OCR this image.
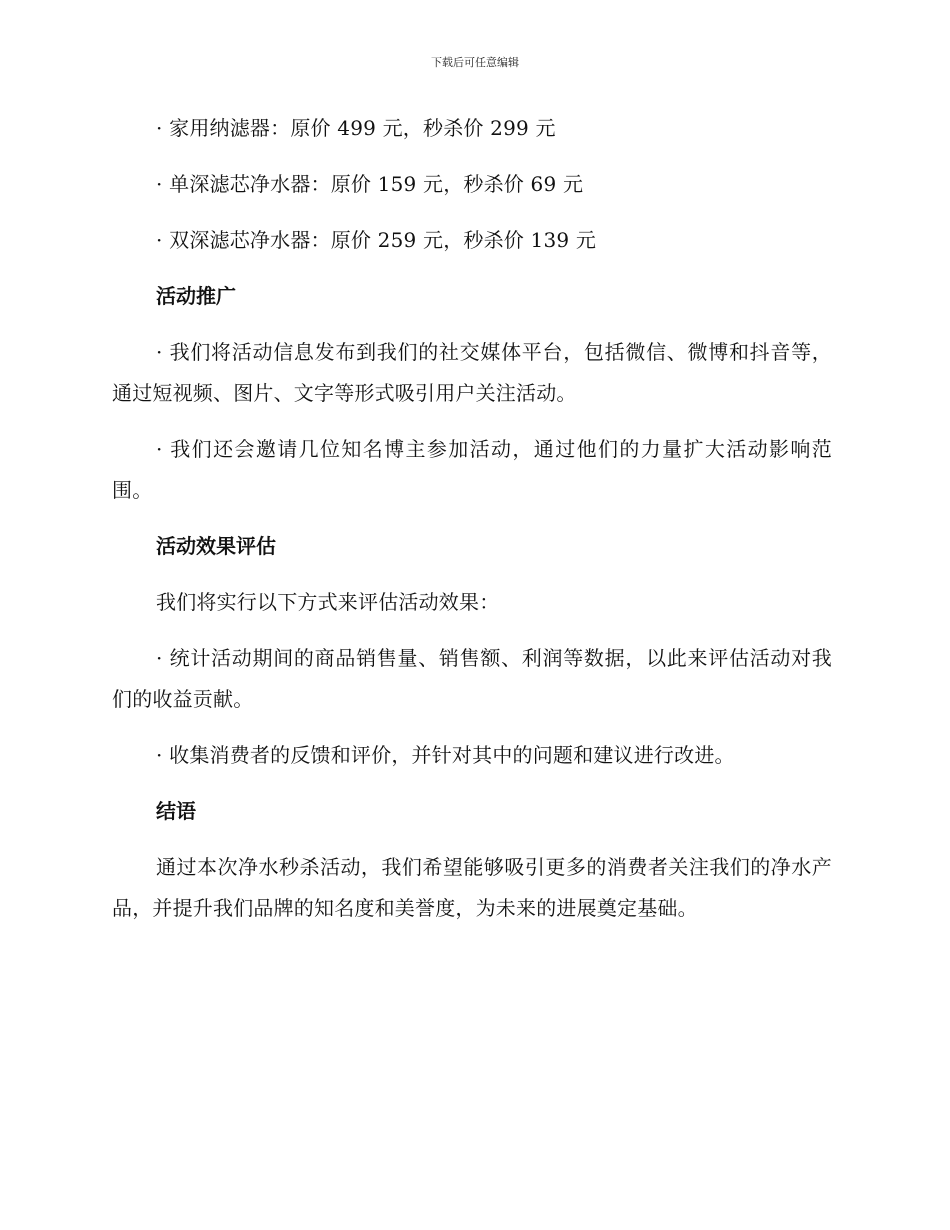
下载后可任意编辑

· 家用纳滤器：原价 499 元，秒杀价 299 元

· 单深滤芯净水器：原价 159 元，秒杀价 69 元

· 双深滤芯净水器：原价 259 元，秒杀价 139 元

活动推广

· 我们将活动信息发布到我们的社交媒体平台，包括微信、微博和抖音等，通过短视频、图片、文字等形式吸引用户关注活动。

· 我们还会邀请几位知名博主参加活动，通过他们的力量扩大活动影响范围。

活动效果评估

我们将实行以下方式来评估活动效果：

· 统计活动期间的商品销售量、销售额、利润等数据，以此来评估活动对我们的收益贡献。

· 收集消费者的反馈和评价，并针对其中的问题和建议进行改进。

结语

通过本次净水秒杀活动，我们希望能够吸引更多的消费者关注我们的净水产品，并提升我们品牌的知名度和美誉度，为未来的进展奠定基础。
